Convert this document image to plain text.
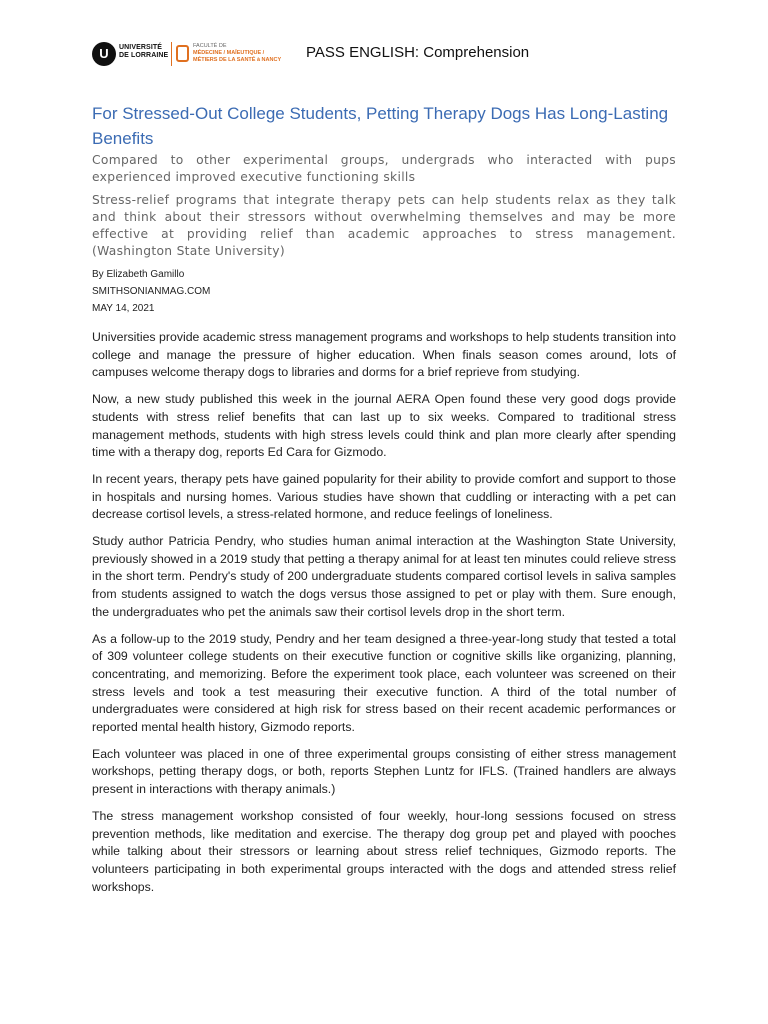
U	UNIVERSITÉ
DE LORRAINE
FACULTÉ DE
MÉDECINE / MAÏEUTIQUE /
MÉTIERS DE LA SANTÉ à NANCY PASS ENGLISH: Comprehension
For Stressed-Out College Students, Petting Therapy Dogs Has Long-Lasting Benefits
Compared to other experimental groups, undergrads who interacted with pups experienced improved executive functioning skills
Stress-relief programs that integrate therapy pets can help students relax as they talk and think about their stressors without overwhelming themselves and may be more effective at providing relief than academic approaches to stress management. (Washington State University)
By Elizabeth Gamillo
SMITHSONIANMAG.COM
MAY 14, 2021

Universities provide academic stress management programs and workshops to help students transition into college and manage the pressure of higher education. When finals season comes around, lots of campuses welcome therapy dogs to libraries and dorms for a brief reprieve from studying.

Now, a new study published this week in the journal AERA Open found these very good dogs provide students with stress relief benefits that can last up to six weeks. Compared to traditional stress management methods, students with high stress levels could think and plan more clearly after spending time with a therapy dog, reports Ed Cara for Gizmodo.

In recent years, therapy pets have gained popularity for their ability to provide comfort and support to those in hospitals and nursing homes. Various studies have shown that cuddling or interacting with a pet can decrease cortisol levels, a stress-related hormone, and reduce feelings of loneliness.

Study author Patricia Pendry, who studies human animal interaction at the Washington State University, previously showed in a 2019 study that petting a therapy animal for at least ten minutes could relieve stress in the short term. Pendry's study of 200 undergraduate students compared cortisol levels in saliva samples from students assigned to watch the dogs versus those assigned to pet or play with them. Sure enough, the undergraduates who pet the animals saw their cortisol levels drop in the short term.

As a follow-up to the 2019 study, Pendry and her team designed a three-year-long study that tested a total of 309 volunteer college students on their executive function or cognitive skills like organizing, planning, concentrating, and memorizing. Before the experiment took place, each volunteer was screened on their stress levels and took a test measuring their executive function. A third of the total number of undergraduates were considered at high risk for stress based on their recent academic performances or reported mental health history, Gizmodo reports.

Each volunteer was placed in one of three experimental groups consisting of either stress management workshops, petting therapy dogs, or both, reports Stephen Luntz for IFLS. (Trained handlers are always present in interactions with therapy animals.)

The stress management workshop consisted of four weekly, hour-long sessions focused on stress prevention methods, like meditation and exercise. The therapy dog group pet and played with pooches while talking about their stressors or learning about stress relief techniques, Gizmodo reports. The volunteers participating in both experimental groups interacted with the dogs and attended stress relief workshops.
